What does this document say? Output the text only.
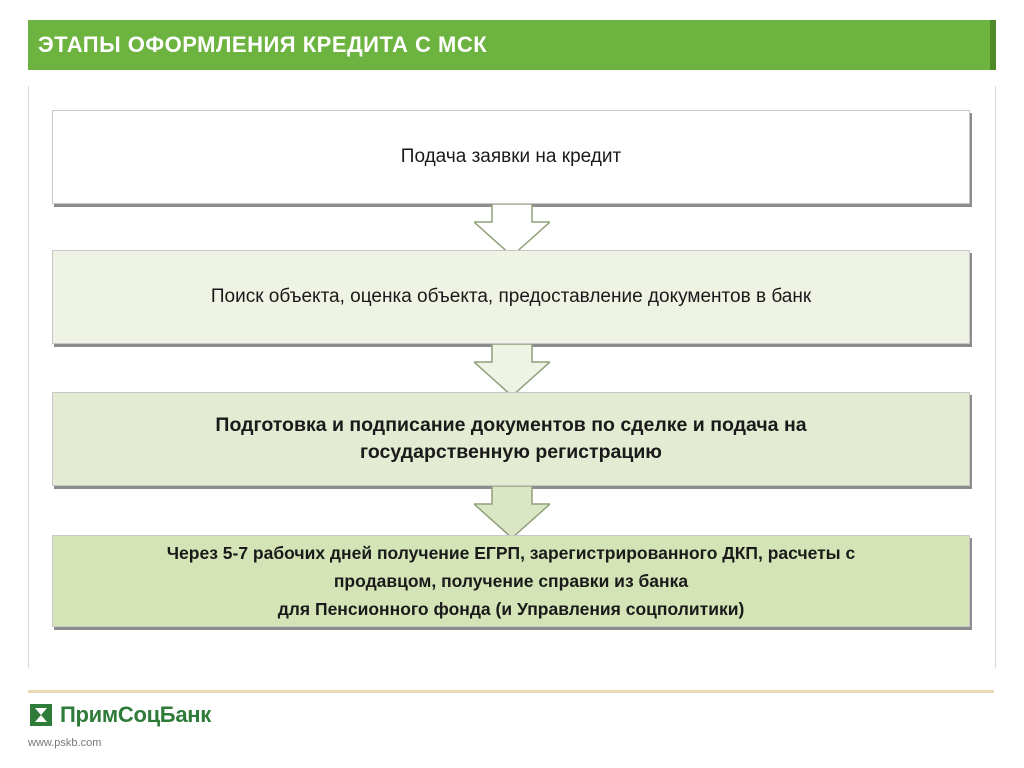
ЭТАПЫ ОФОРМЛЕНИЯ КРЕДИТА С МСК
Подача заявки на кредит
Поиск объекта, оценка объекта, предоставление документов в банк
Подготовка и подписание документов по сделке и подача на
государственную регистрацию
Через 5-7 рабочих дней получение ЕГРП, зарегистрированного ДКП, расчеты с
продавцом, получение справки из банка
для Пенсионного фонда (и Управления соцполитики)
ПримСоцБанк
www.pskb.com
